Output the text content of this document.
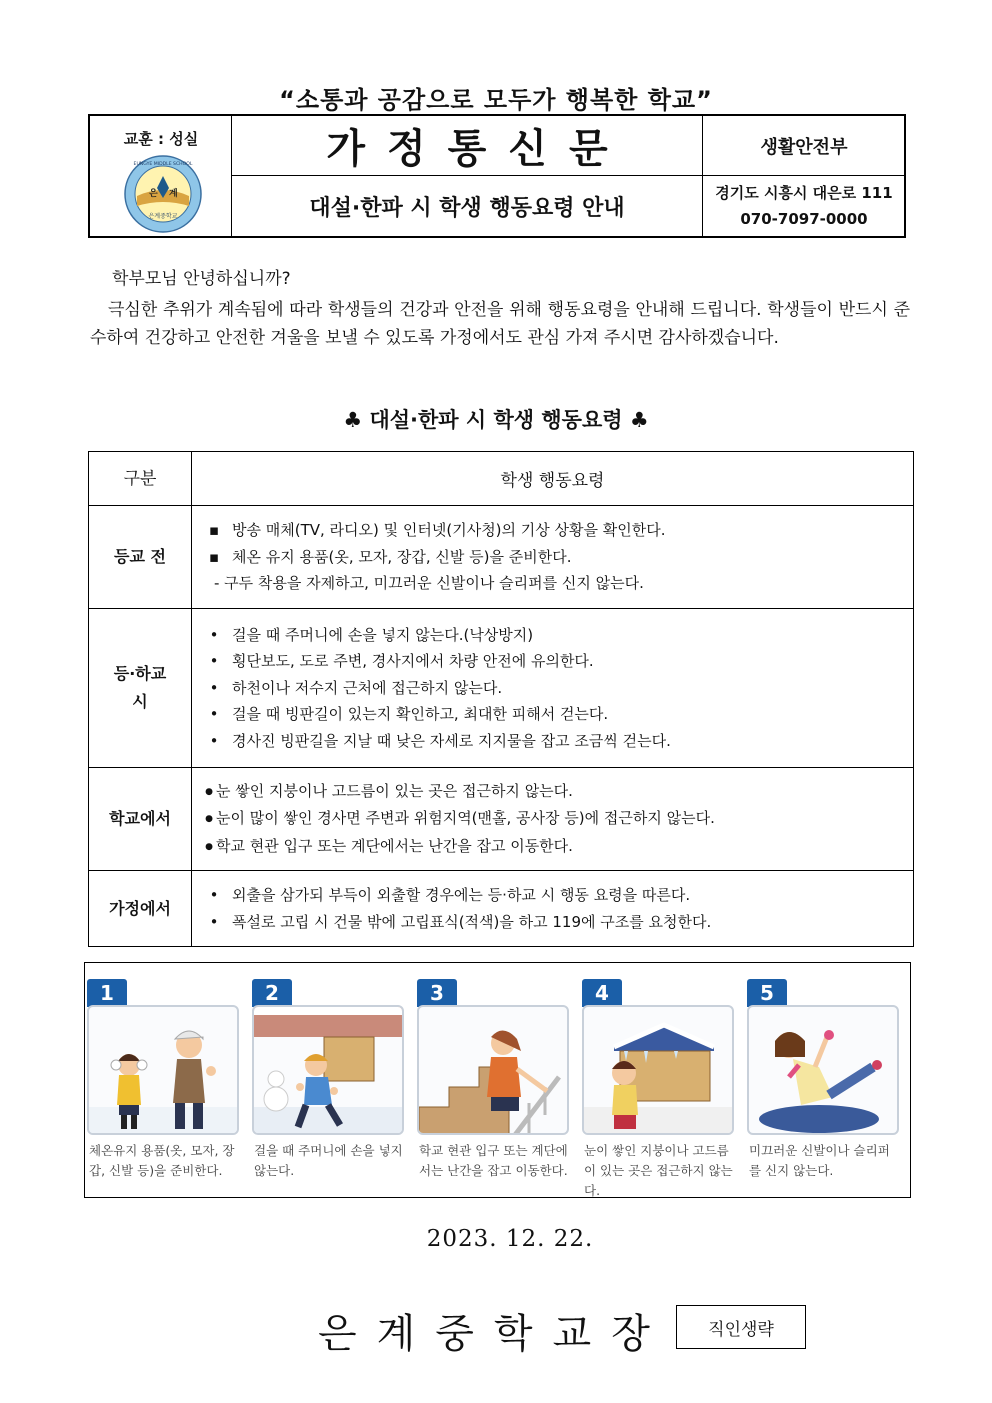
“소통과 공감으로 모두가 행복한 학교”
교훈 : 성실
은 계
은계중학교
EUNGYE MIDDLE SCHOOL	가정통신문
대설·한파 시 학생 행동요령 안내
생활안전부
경기도 시흥시 대은로 111
070-7097-0000
학부모님 안녕하십니까?
극심한 추위가 계속됨에 따라 학생들의 건강과 안전을 위해 행동요령을 안내해 드립니다. 학생들이 반드시 준수하여 건강하고 안전한 겨울을 보낼 수 있도록 가정에서도 관심 가져 주시면 감사하겠습니다.
♣ 대설·한파 시 학생 행동요령 ♣
구분	학생 행동요령
등교 전	▪ 방송 매체(TV, 라디오) 및 인터넷(기사청)의 기상 상황을 확인한다.
▪ 체온 유지 용품(옷, 모자, 장갑, 신발 등)을 준비한다.
- 구두 착용을 자제하고, 미끄러운 신발이나 슬리퍼를 신지 않는다.

등·하교 시	• 걸을 때 주머니에 손을 넣지 않는다.(낙상방지)
• 횡단보도, 도로 주변, 경사지에서 차량 안전에 유의한다.
• 하천이나 저수지 근처에 접근하지 않는다.
• 걸을 때 빙판길이 있는지 확인하고, 최대한 피해서 걷는다.
• 경사진 빙판길을 지날 때 낮은 자세로 지지물을 잡고 조금씩 걷는다.

학교에서	● 눈 쌓인 지붕이나 고드름이 있는 곳은 접근하지 않는다.
● 눈이 많이 쌓인 경사면 주변과 위험지역(맨홀, 공사장 등)에 접근하지 않는다.
● 학교 현관 입구 또는 계단에서는 난간을 잡고 이동한다.

가정에서	• 외출을 삼가되 부득이 외출할 경우에는 등·하교 시 행동 요령을 따른다.
• 폭설로 고립 시 건물 밖에 고립표식(적색)을 하고 119에 구조를 요청한다.
1
체온유지 용품(옷, 모자, 장갑, 신발 등)을 준비한다.
2
걸을 때 주머니에 손을 넣지 않는다.
3
학교 현관 입구 또는 계단에서는 난간을 잡고 이동한다.
4
눈이 쌓인 지붕이나 고드름이 있는 곳은 접근하지 않는다.
5
미끄러운 신발이나 슬리퍼를 신지 않는다.
2023. 12. 22.
은계중학교장	직인생략
